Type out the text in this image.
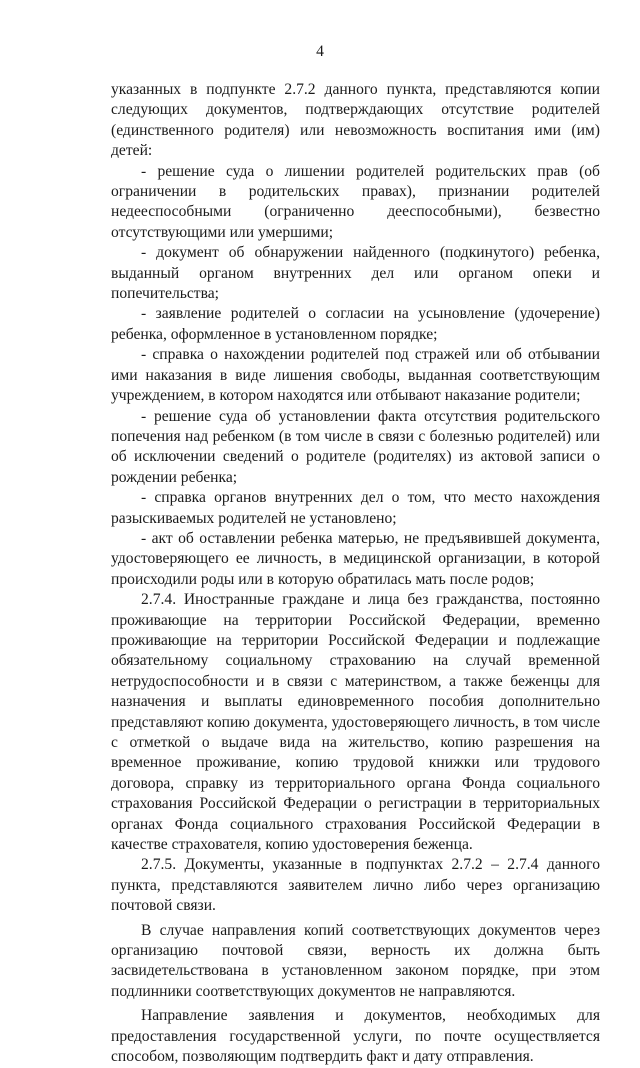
4

указанных в подпункте 2.7.2 данного пункта, представляются копии следующих документов, подтверждающих отсутствие родителей (единственного родителя) или невозможность воспитания ими (им) детей:

- решение суда о лишении родителей родительских прав (об ограничении в родительских правах), признании родителей недееспособными (ограниченно дееспособными), безвестно отсутствующими или умершими;

- документ об обнаружении найденного (подкинутого) ребенка, выданный органом внутренних дел или органом опеки и попечительства;

- заявление родителей о согласии на усыновление (удочерение) ребенка, оформленное в установленном порядке;

- справка о нахождении родителей под стражей или об отбывании ими наказания в виде лишения свободы, выданная соответствующим учреждением, в котором находятся или отбывают наказание родители;

- решение суда об установлении факта отсутствия родительского попечения над ребенком (в том числе в связи с болезнью родителей) или об исключении сведений о родителе (родителях) из актовой записи о рождении ребенка;

- справка органов внутренних дел о том, что место нахождения разыскиваемых родителей не установлено;

- акт об оставлении ребенка матерью, не предъявившей документа, удостоверяющего ее личность, в медицинской организации, в которой происходили роды или в которую обратилась мать после родов;

2.7.4. Иностранные граждане и лица без гражданства, постоянно проживающие на территории Российской Федерации, временно проживающие на территории Российской Федерации и подлежащие обязательному социальному страхованию на случай временной нетрудоспособности и в связи с материнством, а также беженцы для назначения и выплаты единовременного пособия дополнительно представляют копию документа, удостоверяющего личность, в том числе с отметкой о выдаче вида на жительство, копию разрешения на временное проживание, копию трудовой книжки или трудового договора, справку из территориального органа Фонда социального страхования Российской Федерации о регистрации в территориальных органах Фонда социального страхования Российской Федерации в качестве страхователя, копию удостоверения беженца.

2.7.5. Документы, указанные в подпунктах 2.7.2 – 2.7.4 данного пункта, представляются заявителем лично либо через организацию почтовой связи.

В случае направления копий соответствующих документов через организацию почтовой связи, верность их должна быть засвидетельствована в установленном законом порядке, при этом подлинники соответствующих документов не направляются.

Направление заявления и документов, необходимых для предоставления государственной услуги, по почте осуществляется способом, позволяющим подтвердить факт и дату отправления.
